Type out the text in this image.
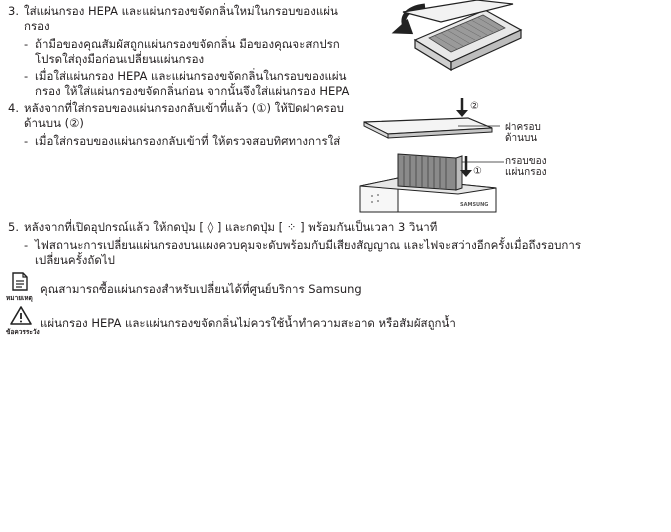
3. ใส่แผ่นกรอง HEPA และแผ่นกรองขจัดกลิ่นใหม่ในกรอบของแผ่น
กรอง
- ถ้ามือของคุณสัมผัสถูกแผ่นกรองขจัดกลิ่น มือของคุณจะสกปรก
โปรดใส่ถุงมือก่อนเปลี่ยนแผ่นกรอง
- เมื่อใส่แผ่นกรอง HEPA และแผ่นกรองขจัดกลิ่นในกรอบของแผ่น
กรอง ให้ใส่แผ่นกรองขจัดกลิ่นก่อน จากนั้นจึงใส่แผ่นกรอง HEPA
4. หลังจากที่ใส่กรอบของแผ่นกรองกลับเข้าที่แล้ว (①) ให้ปิดฝาครอบ
ด้านบน (②)
- เมื่อใส่กรอบของแผ่นกรองกลับเข้าที่ ให้ตรวจสอบทิศทางการใส่
②
ฝาครอบ
ด้านบน
SAMSUNG
①
กรอบของ
แผ่นกรอง
5. หลังจากที่เปิดอุปกรณ์แล้ว ให้กดปุ่ม [ ◊ ] และกดปุ่ม [ ⁘ ] พร้อมกันเป็นเวลา 3 วินาที
- ไฟสถานะการเปลี่ยนแผ่นกรองบนแผงควบคุมจะดับพร้อมกับมีเสียงสัญญาณ และไฟจะสว่างอีกครั้งเมื่อถึงรอบการ
เปลี่ยนครั้งถัดไป
หมายเหตุ
คุณสามารถซื้อแผ่นกรองสำหรับเปลี่ยนได้ที่ศูนย์บริการ Samsung
ข้อควรระวัง
แผ่นกรอง HEPA และแผ่นกรองขจัดกลิ่นไม่ควรใช้น้ำทำความสะอาด หรือสัมผัสถูกน้ำ
